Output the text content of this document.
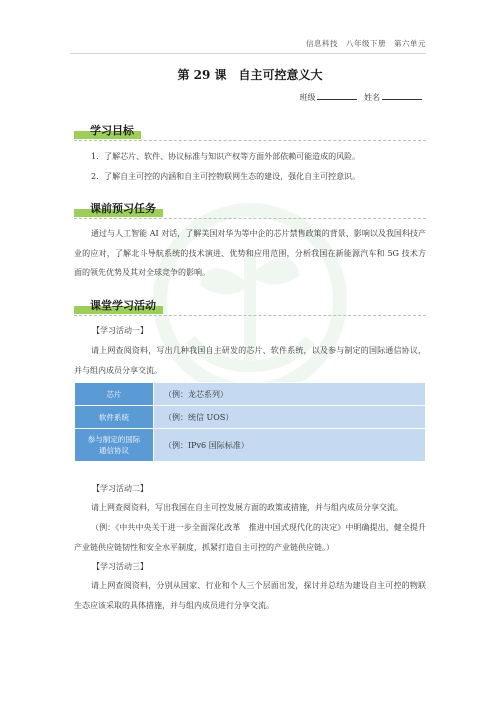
信息科技　八年级下册　第六单元
第 29 课　自主可控意义大
班级	姓名
学习目标
1．了解芯片、软件、协议标准与知识产权等方面外部依赖可能造成的风险。
2．了解自主可控的内涵和自主可控物联网生态的建设，强化自主可控意识。
课前预习任务
通过与人工智能 AI 对话，了解美国对华为等中企的芯片禁售政策的背景、影响以及我国科技产业的应对，了解北斗导航系统的技术演进、优势和应用范围，分析我国在新能源汽车和 5G 技术方面的领先优势及其对全球竞争的影响。
课堂学习活动
【学习活动一】
请上网查阅资料，写出几种我国自主研发的芯片、软件系统，以及参与制定的国际通信协议，并与组内成员分享交流。
芯片	（例：龙芯系列）
软件系统	（例：统信 UOS）
参与制定的国际通信协议	（例：IPv6 国际标准）
【学习活动二】
请上网查阅资料，写出我国在自主可控发展方面的政策或措施，并与组内成员分享交流。
（例：《中共中央关于进一步全面深化改革　推进中国式现代化的决定》中明确提出，健全提升产业链供应链韧性和安全水平制度，抓紧打造自主可控的产业链供应链。）
【学习活动三】
请上网查阅资料，分别从国家、行业和个人三个层面出发，探讨并总结为建设自主可控的物联生态应该采取的具体措施，并与组内成员进行分享交流。
